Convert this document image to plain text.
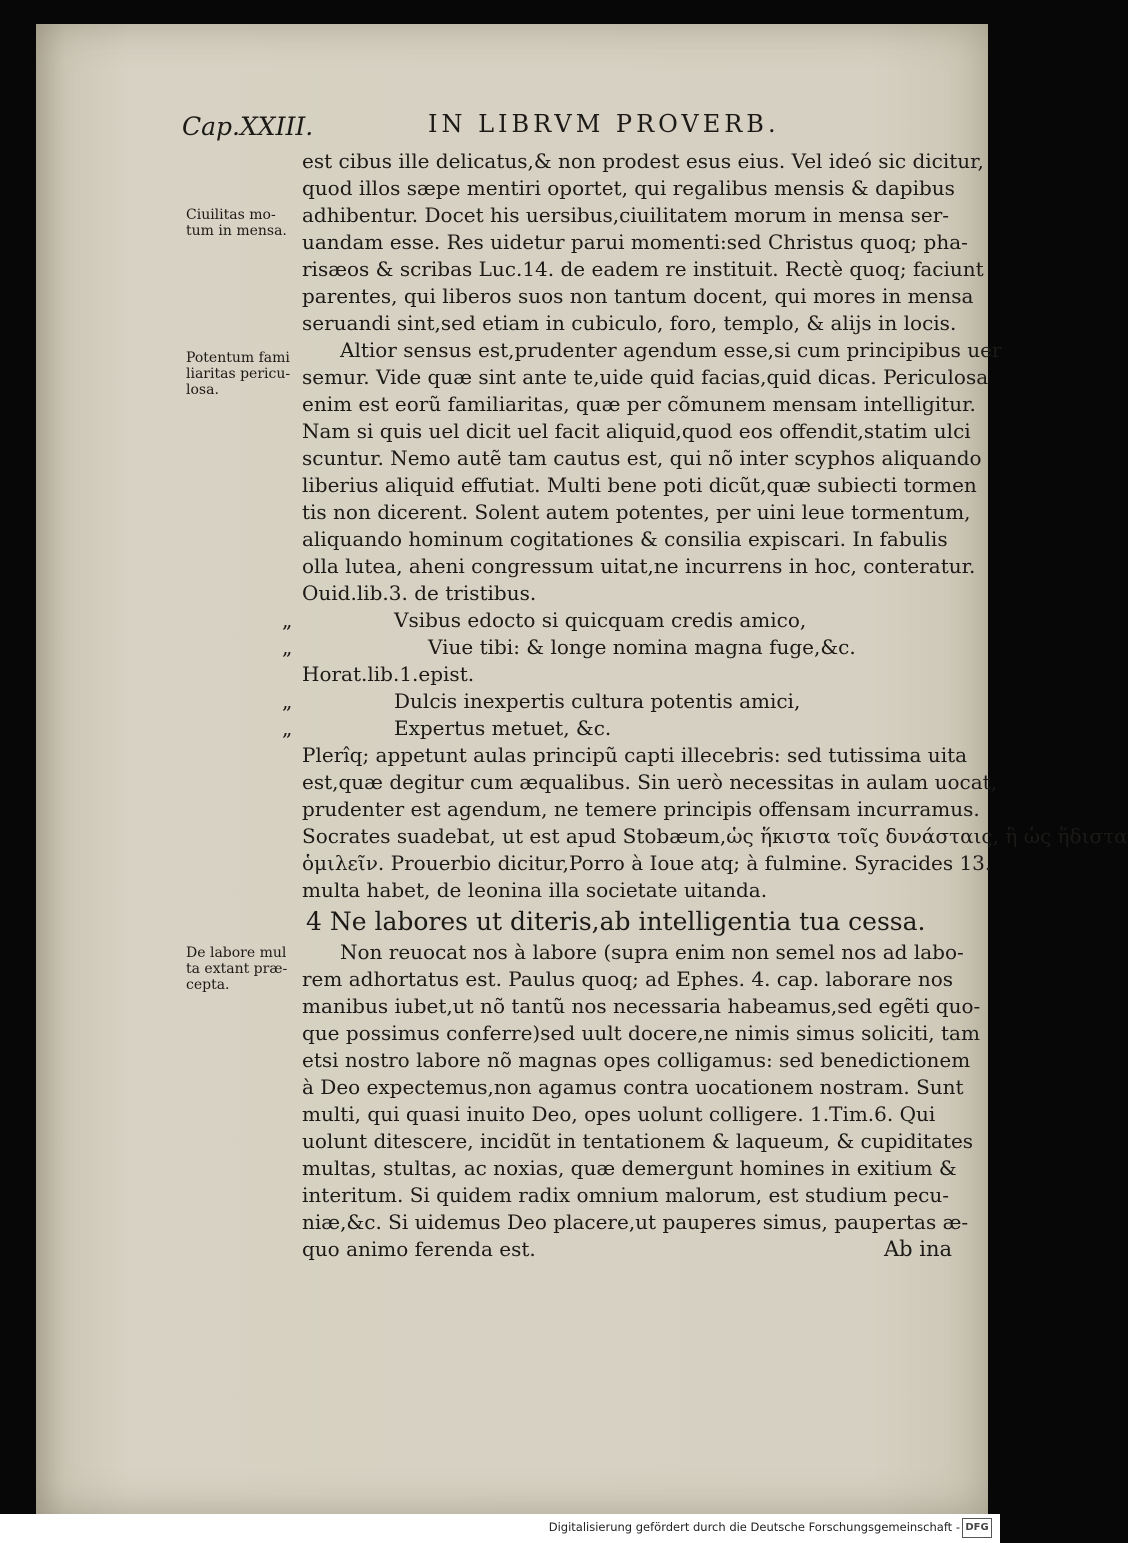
Cap.XXIII.	IN LIBRVM PROVERB.
Ciuilitas mo-
tum in mensa.
Potentum fami
liaritas pericu-
losa.
De labore mul
ta extant præ-
cepta.
est cibus ille delicatus,& non prodest esus eius. Vel ideó sic dicitur,
quod illos sæpe mentiri oportet, qui regalibus mensis & dapibus
adhibentur. Docet his uersibus,ciuilitatem morum in mensa ser-
uandam esse. Res uidetur parui momenti:sed Christus quoq; pha-
risæos & scribas Luc.14. de eadem re instituit. Rectè quoq; faciunt
parentes, qui liberos suos non tantum docent, qui mores in mensa
seruandi sint,sed etiam in cubiculo, foro, templo, & alijs in locis.
Altior sensus est,prudenter agendum esse,si cum principibus uer
semur. Vide quæ sint ante te,uide quid facias,quid dicas. Periculosa
enim est eorũ familiaritas, quæ per cõmunem mensam intelligitur.
Nam si quis uel dicit uel facit aliquid,quod eos offendit,statim ulci
scuntur. Nemo autẽ tam cautus est, qui nõ inter scyphos aliquando
liberius aliquid effutiat. Multi bene poti dicũt,quæ subiecti tormen
tis non dicerent. Solent autem potentes, per uini leue tormentum,
aliquando hominum cogitationes & consilia expiscari. In fabulis
olla lutea, aheni congressum uitat,ne incurrens in hoc, conteratur.
Ouid.lib.3. de tristibus.
„	Vsibus edocto si quicquam credis amico,
„	Viue tibi: & longe nomina magna fuge,&c.
Horat.lib.1.epist.
„	Dulcis inexpertis cultura potentis amici,
„	Expertus metuet, &c.
Plerîq; appetunt aulas principũ capti illecebris: sed tutissima uita
est,quæ degitur cum æqualibus. Sin uerò necessitas in aulam uocat,
prudenter est agendum, ne temere principis offensam incurramus.
Socrates suadebat, ut est apud Stobæum,ὡς ἥκιστα τοῖς δυνάσταις, ἢ ὡς ἥδιστα
ὁμιλεῖν. Prouerbio dicitur,Porro à Ioue atq; à fulmine. Syracides 13.
multa habet, de leonina illa societate uitanda.
4 Ne labores ut diteris,ab intelligentia tua cessa.
Non reuocat nos à labore (supra enim non semel nos ad labo-
rem adhortatus est. Paulus quoq; ad Ephes. 4. cap. laborare nos
manibus iubet,ut nõ tantũ nos necessaria habeamus,sed egẽti quo-
que possimus conferre)sed uult docere,ne nimis simus soliciti, tam
etsi nostro labore nõ magnas opes colligamus: sed benedictionem
à Deo expectemus,non agamus contra uocationem nostram. Sunt
multi, qui quasi inuito Deo, opes uolunt colligere. 1.Tim.6. Qui
uolunt ditescere, incidũt in tentationem & laqueum, & cupiditates
multas, stultas, ac noxias, quæ demergunt homines in exitium &
interitum. Si quidem radix omnium malorum, est studium pecu-
niæ,&c. Si uidemus Deo placere,ut pauperes simus, paupertas æ-
quo animo ferenda est.	Ab ina
Digitalisierung gefördert durch die Deutsche Forschungsgemeinschaft - DFG
